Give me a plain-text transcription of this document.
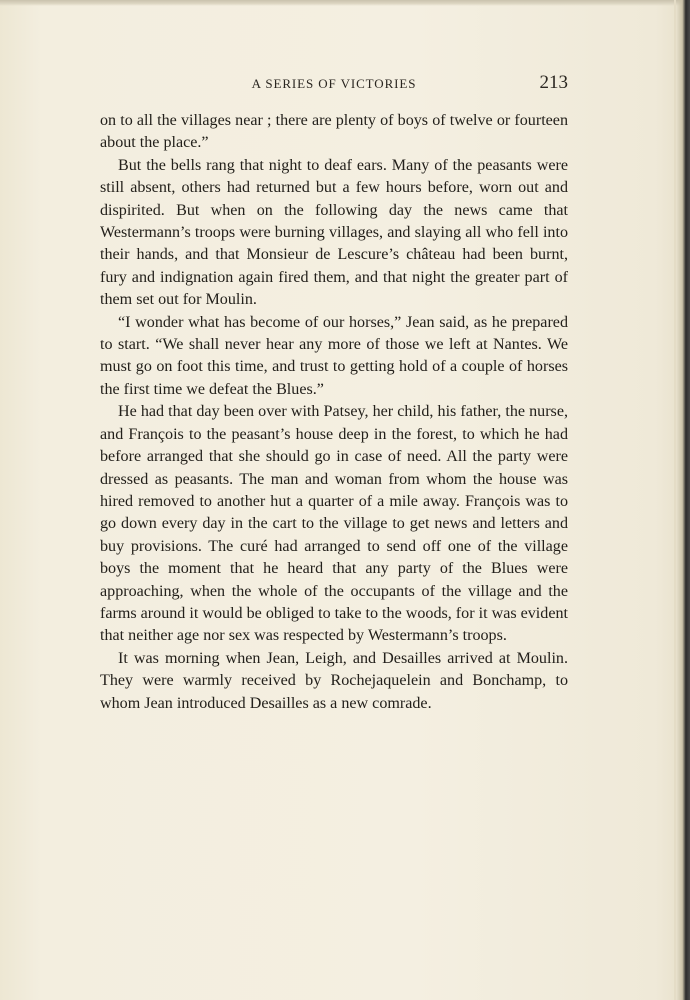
A SERIES OF VICTORIES	213

on to all the villages near ; there are plenty of boys of twelve or fourteen about the place.”

But the bells rang that night to deaf ears. Many of the peasants were still absent, others had returned but a few hours before, worn out and dispirited. But when on the following day the news came that Westermann’s troops were burning villages, and slaying all who fell into their hands, and that Monsieur de Lescure’s château had been burnt, fury and indignation again fired them, and that night the greater part of them set out for Moulin.

“I wonder what has become of our horses,” Jean said, as he prepared to start. “We shall never hear any more of those we left at Nantes. We must go on foot this time, and trust to getting hold of a couple of horses the first time we defeat the Blues.”

He had that day been over with Patsey, her child, his father, the nurse, and François to the peasant’s house deep in the forest, to which he had before arranged that she should go in case of need. All the party were dressed as peasants. The man and woman from whom the house was hired removed to another hut a quarter of a mile away. François was to go down every day in the cart to the village to get news and letters and buy provisions. The curé had arranged to send off one of the village boys the moment that he heard that any party of the Blues were approaching, when the whole of the occupants of the village and the farms around it would be obliged to take to the woods, for it was evident that neither age nor sex was respected by Westermann’s troops.

It was morning when Jean, Leigh, and Desailles arrived at Moulin. They were warmly received by Rochejaquelein and Bonchamp, to whom Jean introduced Desailles as a new comrade.
